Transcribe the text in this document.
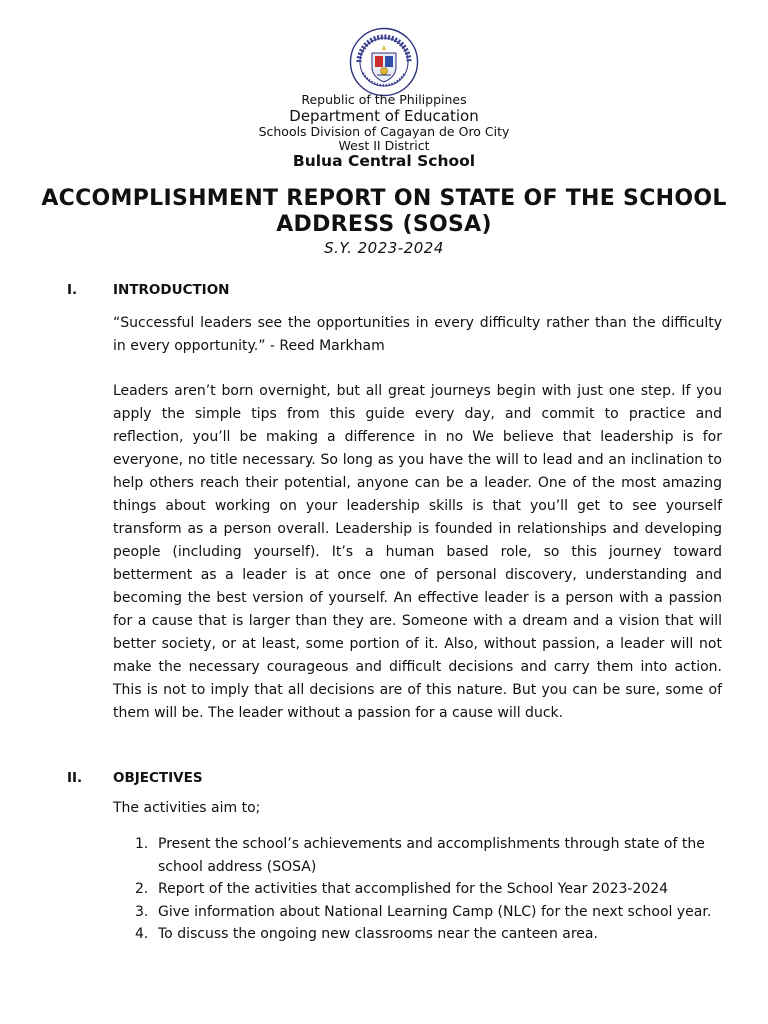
Republic of the Philippines
Department of Education
Schools Division of Cagayan de Oro City
West II District
Bulua Central School
ACCOMPLISHMENT REPORT ON STATE OF THE SCHOOL ADDRESS (SOSA)
S.Y. 2023-2024
I.	INTRODUCTION
“Successful leaders see the opportunities in every difficulty rather than the difficulty in every opportunity.” - Reed Markham
Leaders aren’t born overnight, but all great journeys begin with just one step. If you apply the simple tips from this guide every day, and commit to practice and reflection, you’ll be making a difference in no We believe that leadership is for everyone, no title necessary. So long as you have the will to lead and an inclination to help others reach their potential, anyone can be a leader. One of the most amazing things about working on your leadership skills is that you’ll get to see yourself transform as a person overall. Leadership is founded in relationships and developing people (including yourself). It’s a human based role, so this journey toward betterment as a leader is at once one of personal discovery, understanding and becoming the best version of yourself. An effective leader is a person with a passion for a cause that is larger than they are. Someone with a dream and a vision that will better society, or at least, some portion of it. Also, without passion, a leader will not make the necessary courageous and difficult decisions and carry them into action. This is not to imply that all decisions are of this nature. But you can be sure, some of them will be. The leader without a passion for a cause will duck.
II. OBJECTIVES
The activities aim to;
1. Present the school’s achievements and accomplishments through state of the school address (SOSA)
2. Report of the activities that accomplished for the School Year 2023-2024
3. Give information about National Learning Camp (NLC) for the next school year.
4. To discuss the ongoing new classrooms near the canteen area.
